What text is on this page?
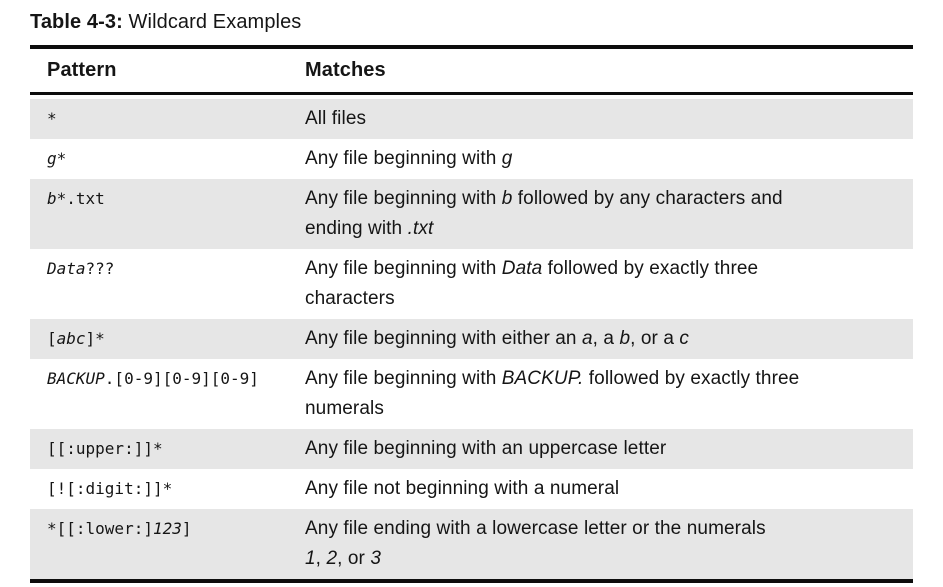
Table 4-3: Wildcard Examples
Pattern	Matches
*	All files
g*	Any file beginning with g
b*.txt	Any file beginning with b followed by any characters and
ending with .txt
Data???	Any file beginning with Data followed by exactly three
characters
[abc]*	Any file beginning with either an a, a b, or a c
BACKUP.[0-9][0-9][0-9]	Any file beginning with BACKUP. followed by exactly three
numerals
[[:upper:]]*	Any file beginning with an uppercase letter
[![:digit:]]*	Any file not beginning with a numeral
*[[:lower:]123]	Any file ending with a lowercase letter or the numerals
1, 2, or 3
